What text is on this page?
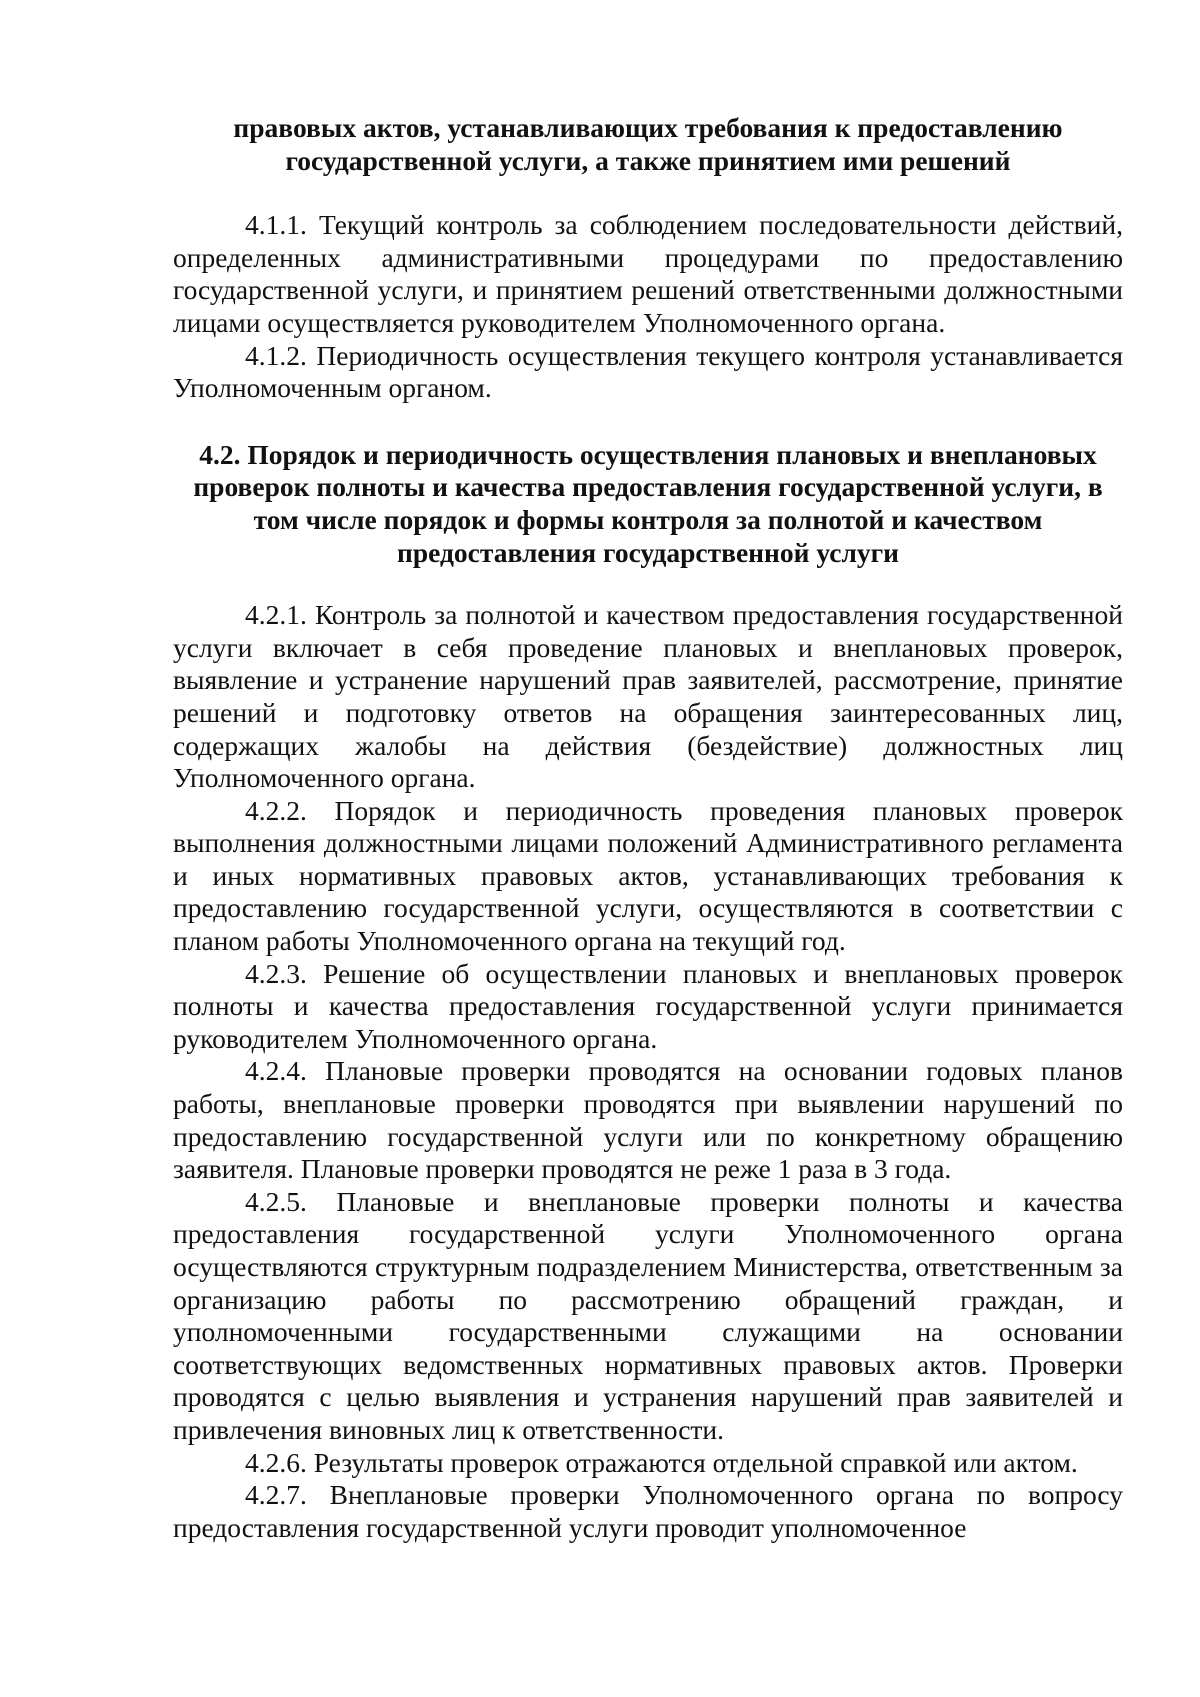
правовых актов, устанавливающих требования к предоставлению государственной услуги, а также принятием ими решений

4.1.1. Текущий контроль за соблюдением последовательности действий, определенных административными процедурами по предоставлению государственной услуги, и принятием решений ответственными должностными лицами осуществляется руководителем Уполномоченного органа.

4.1.2. Периодичность осуществления текущего контроля устанавливается Уполномоченным органом.

4.2. Порядок и периодичность осуществления плановых и внеплановых проверок полноты и качества предоставления государственной услуги, в том числе порядок и формы контроля за полнотой и качеством предоставления государственной услуги

4.2.1. Контроль за полнотой и качеством предоставления государственной услуги включает в себя проведение плановых и внеплановых проверок, выявление и устранение нарушений прав заявителей, рассмотрение, принятие решений и подготовку ответов на обращения заинтересованных лиц, содержащих жалобы на действия (бездействие) должностных лиц Уполномоченного органа.

4.2.2. Порядок и периодичность проведения плановых проверок выполнения должностными лицами положений Административного регламента и иных нормативных правовых актов, устанавливающих требования к предоставлению государственной услуги, осуществляются в соответствии с планом работы Уполномоченного органа на текущий год.

4.2.3. Решение об осуществлении плановых и внеплановых проверок полноты и качества предоставления государственной услуги принимается руководителем Уполномоченного органа.

4.2.4. Плановые проверки проводятся на основании годовых планов работы, внеплановые проверки проводятся при выявлении нарушений по предоставлению государственной услуги или по конкретному обращению заявителя. Плановые проверки проводятся не реже 1 раза в 3 года.

4.2.5. Плановые и внеплановые проверки полноты и качества предоставления государственной услуги Уполномоченного органа осуществляются структурным подразделением Министерства, ответственным за организацию работы по рассмотрению обращений граждан, и уполномоченными государственными служащими на основании соответствующих ведомственных нормативных правовых актов. Проверки проводятся с целью выявления и устранения нарушений прав заявителей и привлечения виновных лиц к ответственности.

4.2.6. Результаты проверок отражаются отдельной справкой или актом.

4.2.7. Внеплановые проверки Уполномоченного органа по вопросу предоставления государственной услуги проводит уполномоченное
